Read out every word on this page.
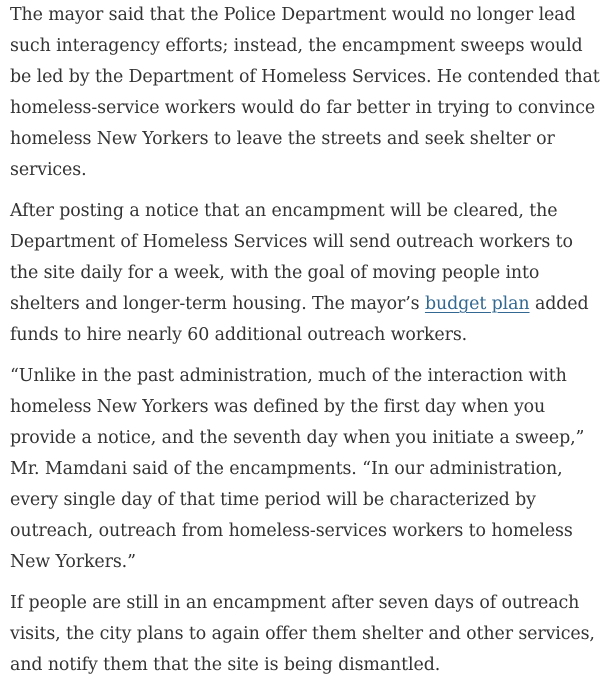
The mayor said that the Police Department would no longer lead
such interagency efforts; instead, the encampment sweeps would
be led by the Department of Homeless Services. He contended that
homeless-service workers would do far better in trying to convince
homeless New Yorkers to leave the streets and seek shelter or
services.

After posting a notice that an encampment will be cleared, the
Department of Homeless Services will send outreach workers to
the site daily for a week, with the goal of moving people into
shelters and longer-term housing. The mayor’s budget plan added
funds to hire nearly 60 additional outreach workers.

“Unlike in the past administration, much of the interaction with
homeless New Yorkers was defined by the first day when you
provide a notice, and the seventh day when you initiate a sweep,”
Mr. Mamdani said of the encampments. “In our administration,
every single day of that time period will be characterized by
outreach, outreach from homeless-services workers to homeless
New Yorkers.”

If people are still in an encampment after seven days of outreach
visits, the city plans to again offer them shelter and other services,
and notify them that the site is being dismantled.
